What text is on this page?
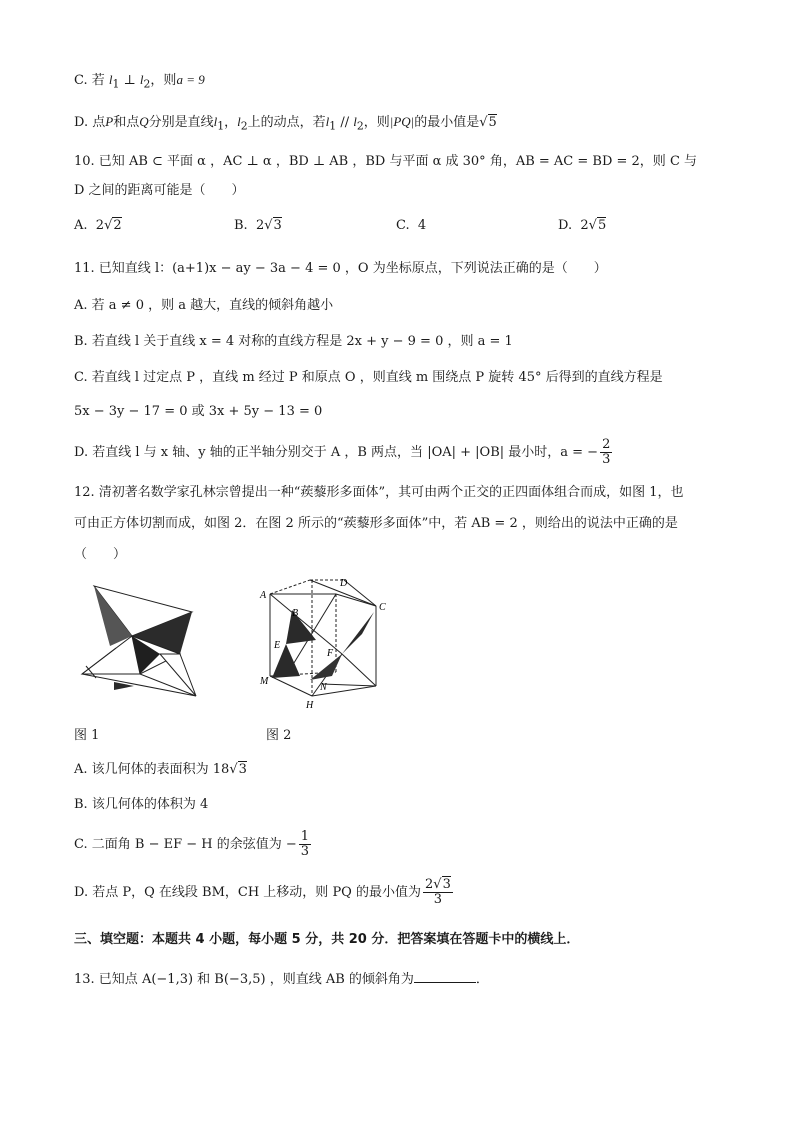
C. 若 $l_1$ ⊥ $l_2$，则a = 9
D. 点P和点Q分别是直线$l_1$，$l_2$上的动点，若$l_1 // l_2$，则|PQ|的最小值是√5
10. 已知 AB ⊂ 平面 α ，AC ⊥ α ，BD ⊥ AB ，BD 与平面 α 成 30° 角，AB = AC = BD = 2，则 C 与
D 之间的距离可能是（　　）
A. 2√2	B. 2√3	C. 4	D. 2√5
11. 已知直线 l：(a+1)x − ay − 3a − 4 = 0 ，O 为坐标原点，下列说法正确的是（　　）
A. 若 a ≠ 0 ，则 a 越大，直线的倾斜角越小
B. 若直线 l 关于直线 x = 4 对称的直线方程是 2x + y − 9 = 0 ，则 a = 1
C. 若直线 l 过定点 P ，直线 m 经过 P 和原点 O ，则直线 m 围绕点 P 旋转 45° 后得到的直线方程是
5x − 3y − 17 = 0 或 3x + 5y − 13 = 0
D. 若直线 l 与 x 轴、y 轴的正半轴分别交于 A ，B 两点，当 |OA| + |OB| 最小时，a = − $\frac{2}{3}$
12. 清初著名数学家孔林宗曾提出一种“蒺藜形多面体”，其可由两个正交的正四面体组合而成，如图 1，也
可由正方体切割而成，如图 2．在图 2 所示的“蒺藜形多面体”中，若 AB = 2 ，则给出的说法中正确的是
（　　）
A
B
C
D
E
F
M
N
H
图 1	图 2
A. 该几何体的表面积为 18√3
B. 该几何体的体积为 4
C. 二面角 B − EF − H 的余弦值为 − $\frac{1}{3}$
D. 若点 P，Q 在线段 BM，CH 上移动，则 PQ 的最小值为 $\frac{2√3}{3}$
三、填空题：本题共 4 小题，每小题 5 分，共 20 分．把答案填在答题卡中的横线上．
13. 已知点 A(−1,3) 和 B(−3,5) ，则直线 AB 的倾斜角为	．
